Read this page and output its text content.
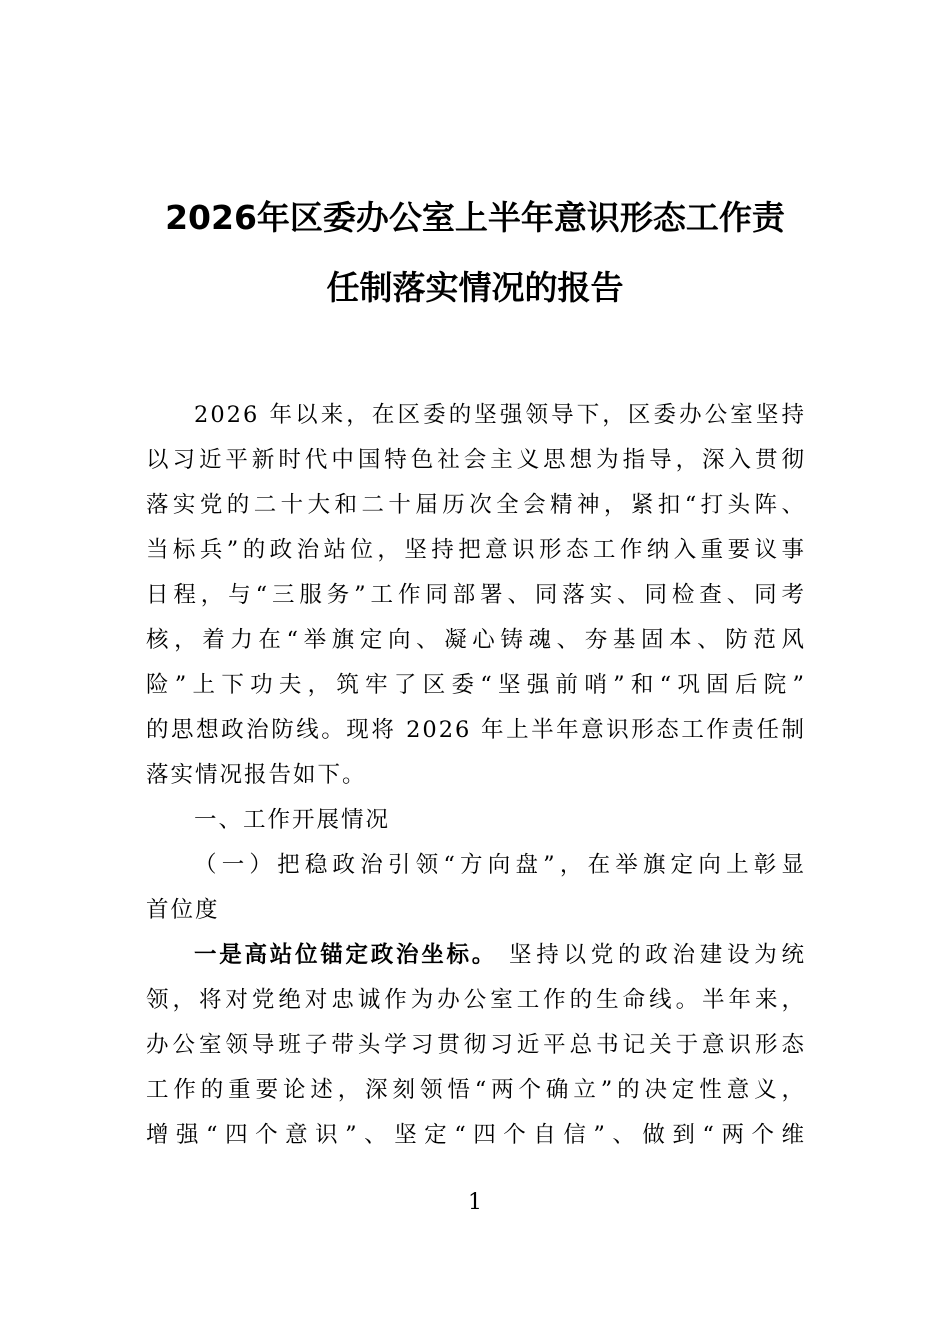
2026年区委办公室上半年意识形态工作责
任制落实情况的报告
2026 年以来，在区委的坚强领导下，区委办公室坚持
以习近平新时代中国特色社会主义思想为指导，深入贯彻
落实党的二十大和二十届历次全会精神，紧扣“打头阵、
当标兵”的政治站位，坚持把意识形态工作纳入重要议事
日程，与“三服务”工作同部署、同落实、同检查、同考
核，着力在“举旗定向、凝心铸魂、夯基固本、防范风
险”上下功夫，筑牢了区委“坚强前哨”和“巩固后院”
的思想政治防线。现将 2026 年上半年意识形态工作责任制
落实情况报告如下。
一、工作开展情况
（一）把稳政治引领“方向盘”，在举旗定向上彰显
首位度
一是高站位锚定政治坐标。 坚持以党的政治建设为统
领，将对党绝对忠诚作为办公室工作的生命线。半年来，
办公室领导班子带头学习贯彻习近平总书记关于意识形态
工作的重要论述，深刻领悟“两个确立”的决定性意义，
增强“四个意识”、坚定“四个自信”、做到“两个维
1
